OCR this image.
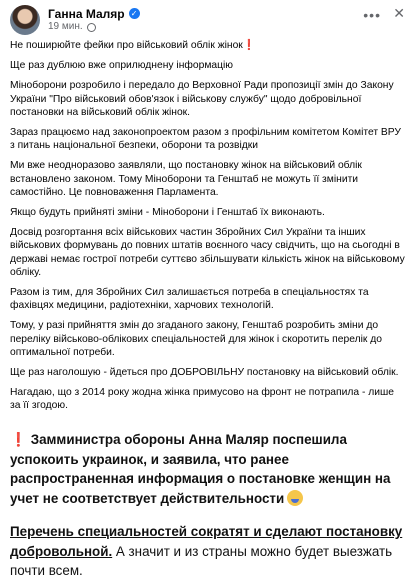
Ганна Маляр ✓
19 мин.
••• ✕

Не поширюйте фейки про військовий облік жінок❗

Ще раз дублюю вже оприлюднену інформацію

Міноборони розробило і передало до Верховної Ради пропозиції змін до Закону України "Про військовий обов'язок і військову службу" щодо добровільної постановки на військовий облік жінок.

Зараз працюємо над законопроектом разом з профільним комітетом Комітет ВРУ з питань національної безпеки, оборони та розвідки

Ми вже неодноразово заявляли, що постановку жінок на військовий облік встановлено законом. Тому Міноборони та Генштаб не можуть її змінити самостійно. Це повноваження Парламента.

Якщо будуть прийняті зміни - Міноборони і Генштаб їх виконають.

Досвід розгортання всіх військових частин Збройних Сил України та інших військових формувань до повних штатів воєнного часу свідчить, що на сьогодні в державі немає гострої потреби суттєво збільшувати кількість жінок на військовому обліку.

Разом із тим, для Збройних Сил залишається потреба в спеціальностях та фахівцях медицини, радіотехніки, харчових технологій.

Тому, у разі прийняття змін до згаданого закону, Генштаб розробить зміни до переліку військово-облікових спеціальностей для жінок і скоротить перелік до оптимальної потреби.

Ще раз наголошую - йдеться про ДОБРОВІЛЬНУ постановку на військовий облік.

Нагадаю, що з 2014 року жодна жінка примусово на фронт не потрапила - лише за її згодою.

❗ Замминистра обороны Анна Маляр поспешила успокоить украинок, и заявила, что ранее распространенная информация о постановке женщин на учет не соответствует действительности

Перечень специальностей сократят и сделают постановку добровольной. А значит и из страны можно будет выезжать почти всем.
